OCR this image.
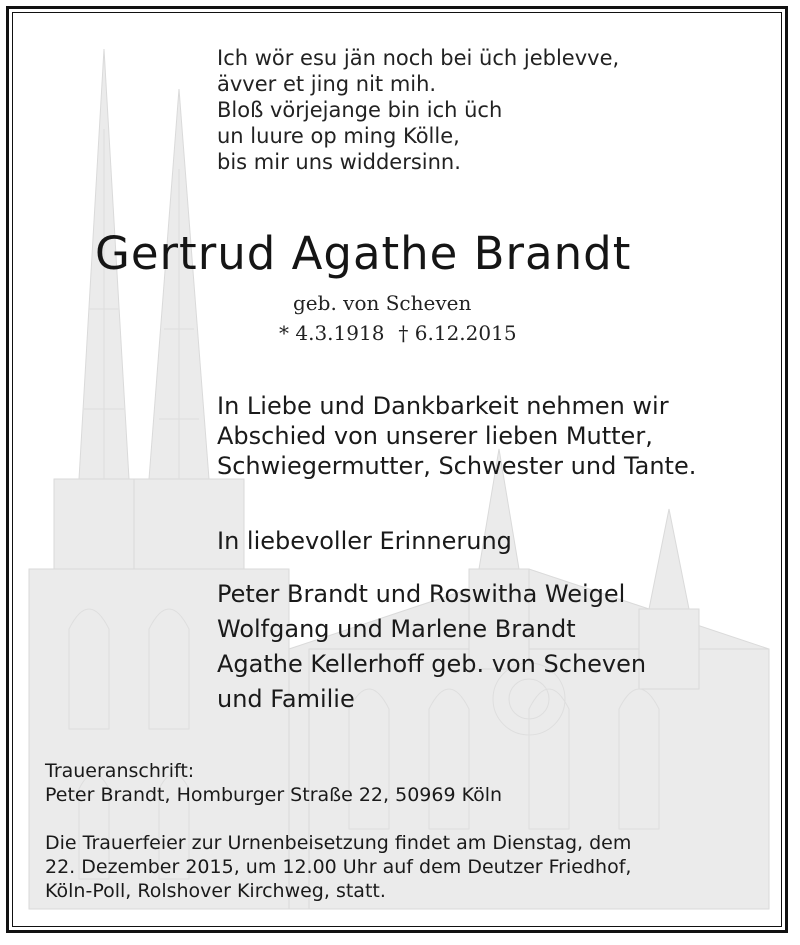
Ich wör esu jän noch bei üch jeblevve,
ävver et jing nit mih.
Bloß vörjejange bin ich üch
un luure op ming Kölle,
bis mir uns widdersinn.
Gertrud Agathe Brandt
geb. von Scheven
* 4.3.1918 † 6.12.2015
In Liebe und Dankbarkeit nehmen wir
Abschied von unserer lieben Mutter,
Schwiegermutter, Schwester und Tante.
In liebevoller Erinnerung
Peter Brandt und Roswitha Weigel
Wolfgang und Marlene Brandt
Agathe Kellerhoff geb. von Scheven
und Familie
Traueranschrift:
Peter Brandt, Homburger Straße 22, 50969 Köln
Die Trauerfeier zur Urnenbeisetzung findet am Dienstag, dem
22. Dezember 2015, um 12.00 Uhr auf dem Deutzer Friedhof,
Köln-Poll, Rolshover Kirchweg, statt.
